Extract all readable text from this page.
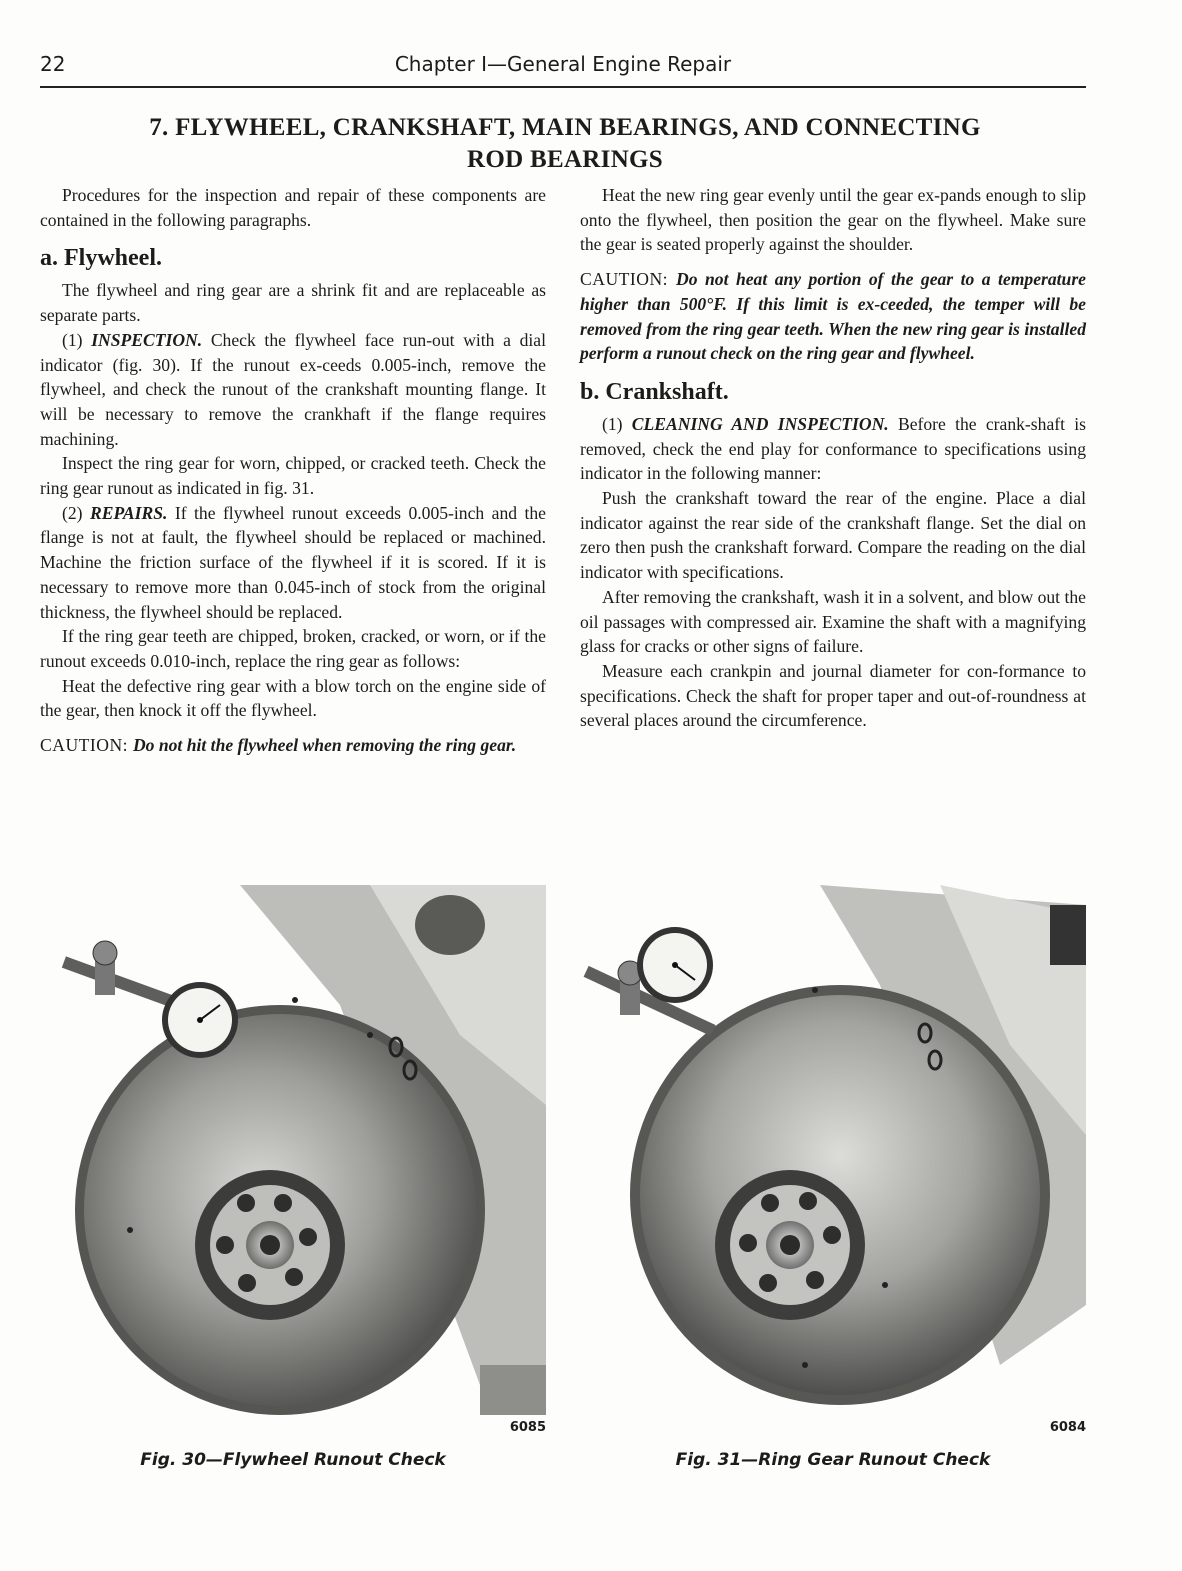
22	Chapter I—General Engine Repair
7. FLYWHEEL, CRANKSHAFT, MAIN BEARINGS, AND CONNECTING
ROD BEARINGS

Procedures for the inspection and repair of these components are contained in the following paragraphs.

a. Flywheel.

The flywheel and ring gear are a shrink fit and are replaceable as separate parts.

(1) INSPECTION. Check the flywheel face run-out with a dial indicator (fig. 30). If the runout ex-ceeds 0.005-inch, remove the flywheel, and check the runout of the crankshaft mounting flange. It will be necessary to remove the crankhaft if the flange requires machining.

Inspect the ring gear for worn, chipped, or cracked teeth. Check the ring gear runout as indicated in fig. 31.

(2) REPAIRS. If the flywheel runout exceeds 0.005-inch and the flange is not at fault, the flywheel should be replaced or machined. Machine the friction surface of the flywheel if it is scored. If it is necessary to remove more than 0.045-inch of stock from the original thickness, the flywheel should be replaced.

If the ring gear teeth are chipped, broken, cracked, or worn, or if the runout exceeds 0.010-inch, replace the ring gear as follows:

Heat the defective ring gear with a blow torch on the engine side of the gear, then knock it off the flywheel.

CAUTION: Do not hit the flywheel when removing the ring gear.

Heat the new ring gear evenly until the gear ex-pands enough to slip onto the flywheel, then position the gear on the flywheel. Make sure the gear is seated properly against the shoulder.

CAUTION: Do not heat any portion of the gear to a temperature higher than 500°F. If this limit is ex-ceeded, the temper will be removed from the ring gear teeth. When the new ring gear is installed perform a runout check on the ring gear and flywheel.

b. Crankshaft.

(1) CLEANING AND INSPECTION. Before the crank-shaft is removed, check the end play for conformance to specifications using indicator in the following manner:

Push the crankshaft toward the rear of the engine. Place a dial indicator against the rear side of the crankshaft flange. Set the dial on zero then push the crankshaft forward. Compare the reading on the dial indicator with specifications.

After removing the crankshaft, wash it in a solvent, and blow out the oil passages with compressed air. Examine the shaft with a magnifying glass for cracks or other signs of failure.

Measure each crankpin and journal diameter for con-formance to specifications. Check the shaft for proper taper and out-of-roundness at several places around the circumference.

6085
Fig. 30—Flywheel Runout Check
6084
Fig. 31—Ring Gear Runout Check
